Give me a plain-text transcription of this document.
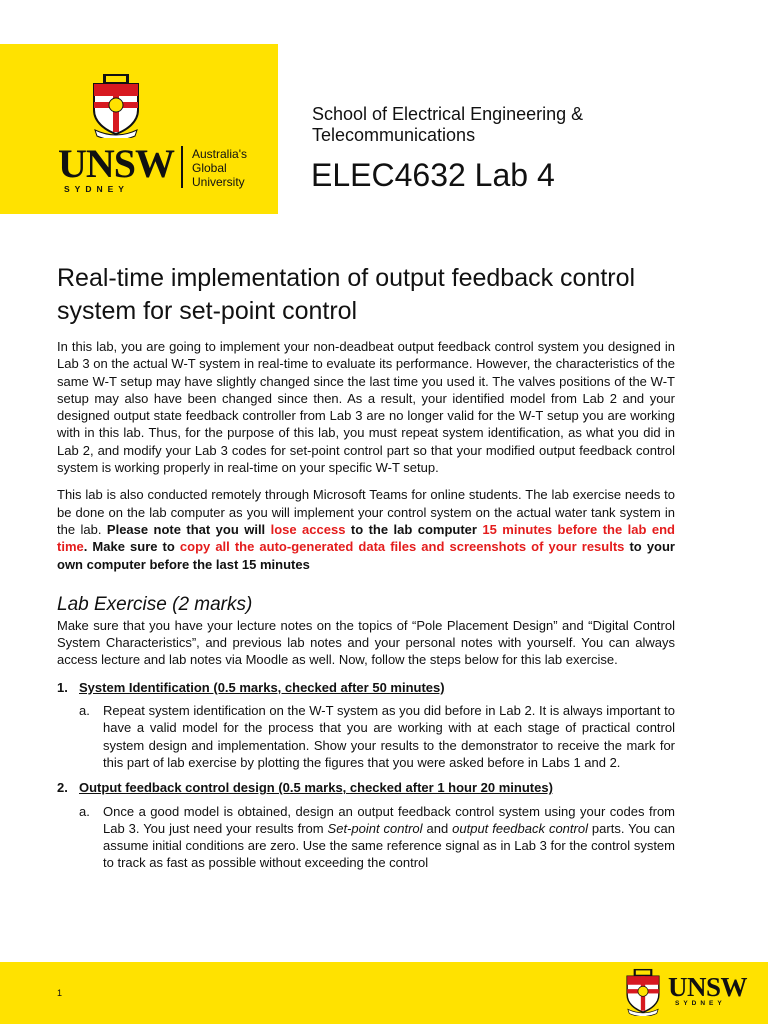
UNSW
SYDNEY
Australia's
Global
University
School of Electrical Engineering &
Telecommunications
ELEC4632 Lab 4
Real-time implementation of output feedback control system for set-point control

In this lab, you are going to implement your non-deadbeat output feedback control system you designed in Lab 3 on the actual W-T system in real-time to evaluate its performance. However, the characteristics of the same W-T setup may have slightly changed since the last time you used it. The valves positions of the W-T setup may also have been changed since then. As a result, your identified model from Lab 2 and your designed output state feedback controller from Lab 3 are no longer valid for the W-T setup you are working with in this lab. Thus, for the purpose of this lab, you must repeat system identification, as what you did in Lab 2, and modify your Lab 3 codes for set-point control part so that your modified output feedback control system is working properly in real-time on your specific W-T setup.

This lab is also conducted remotely through Microsoft Teams for online students. The lab exercise needs to be done on the lab computer as you will implement your control system on the actual water tank system in the lab. Please note that you will lose access to the lab computer 15 minutes before the lab end time. Make sure to copy all the auto-generated data files and screenshots of your results to your own computer before the last 15 minutes

Lab Exercise (2 marks)

Make sure that you have your lecture notes on the topics of “Pole Placement Design” and “Digital Control System Characteristics”, and previous lab notes and your personal notes with yourself. You can always access lecture and lab notes via Moodle as well. Now, follow the steps below for this lab exercise.

1. System Identification (0.5 marks, checked after 50 minutes)
a.	Repeat system identification on the W-T system as you did before in Lab 2. It is always important to have a valid model for the process that you are working with at each stage of practical control system design and implementation. Show your results to the demonstrator to receive the mark for this part of lab exercise by plotting the figures that you were asked before in Labs 1 and 2.

2. Output feedback control design (0.5 marks, checked after 1 hour 20 minutes)
a.	Once a good model is obtained, design an output feedback control system using your codes from Lab 3. You just need your results from Set-point control and output feedback control parts. You can assume initial conditions are zero. Use the same reference signal as in Lab 3 for the control system to track as fast as possible without exceeding the control

1	UNSW
SYDNEY
